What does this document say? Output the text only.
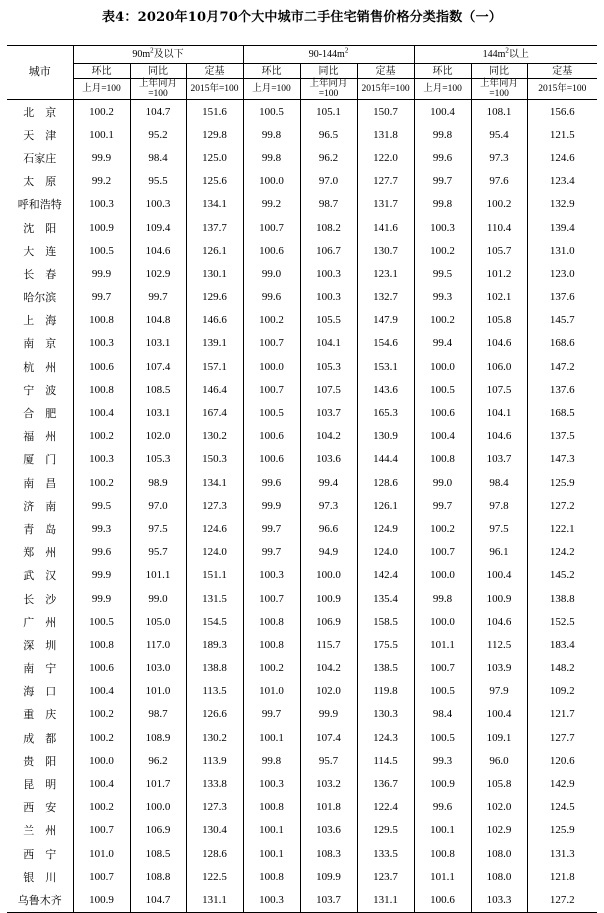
表4：2020年10月70个大中城市二手住宅销售价格分类指数（一）
城市	$90m^2$及以下			$90-144m^2$			$144m^2$以上		
	环比	同比	定基	环比	同比	定基	环比	同比	定基
	上月=100	上年同月=100	2015年=100	上月=100	上年同月=100	2015年=100	上月=100	上年同月=100	2015年=100
北　京	100.2	104.7	151.6	100.5	105.1	150.7	100.4	108.1	156.6
天　津	100.1	95.2	129.8	99.8	96.5	131.8	99.8	95.4	121.5
石家庄	99.9	98.4	125.0	99.8	96.2	122.0	99.6	97.3	124.6
太　原	99.2	95.5	125.6	100.0	97.0	127.7	99.7	97.6	123.4
呼和浩特	100.3	100.3	134.1	99.2	98.7	131.7	99.8	100.2	132.9
沈　阳	100.9	109.4	137.7	100.7	108.2	141.6	100.3	110.4	139.4
大　连	100.5	104.6	126.1	100.6	106.7	130.7	100.2	105.7	131.0
长　春	99.9	102.9	130.1	99.0	100.3	123.1	99.5	101.2	123.0
哈尔滨	99.7	99.7	129.6	99.6	100.3	132.7	99.3	102.1	137.6
上　海	100.8	104.8	146.6	100.2	105.5	147.9	100.2	105.8	145.7
南　京	100.3	103.1	139.1	100.7	104.1	154.6	99.4	104.6	168.6
杭　州	100.6	107.4	157.1	100.0	105.3	153.1	100.0	106.0	147.2
宁　波	100.8	108.5	146.4	100.7	107.5	143.6	100.5	107.5	137.6
合　肥	100.4	103.1	167.4	100.5	103.7	165.3	100.6	104.1	168.5
福　州	100.2	102.0	130.2	100.6	104.2	130.9	100.4	104.6	137.5
厦　门	100.3	105.3	150.3	100.6	103.6	144.4	100.8	103.7	147.3
南　昌	100.2	98.9	134.1	99.6	99.4	128.6	99.0	98.4	125.9
济　南	99.5	97.0	127.3	99.9	97.3	126.1	99.7	97.8	127.2
青　岛	99.3	97.5	124.6	99.7	96.6	124.9	100.2	97.5	122.1
郑　州	99.6	95.7	124.0	99.7	94.9	124.0	100.7	96.1	124.2
武　汉	99.9	101.1	151.1	100.3	100.0	142.4	100.0	100.4	145.2
长　沙	99.9	99.0	131.5	100.7	100.9	135.4	99.8	100.9	138.8
广　州	100.5	105.0	154.5	100.8	106.9	158.5	100.0	104.6	152.5
深　圳	100.8	117.0	189.3	100.8	115.7	175.5	101.1	112.5	183.4
南　宁	100.6	103.0	138.8	100.2	104.2	138.5	100.7	103.9	148.2
海　口	100.4	101.0	113.5	101.0	102.0	119.8	100.5	97.9	109.2
重　庆	100.2	98.7	126.6	99.7	99.9	130.3	98.4	100.4	121.7
成　都	100.2	108.9	130.2	100.1	107.4	124.3	100.5	109.1	127.7
贵　阳	100.0	96.2	113.9	99.8	95.7	114.5	99.3	96.0	120.6
昆　明	100.4	101.7	133.8	100.3	103.2	136.7	100.9	105.8	142.9
西　安	100.2	100.0	127.3	100.8	101.8	122.4	99.6	102.0	124.5
兰　州	100.7	106.9	130.4	100.1	103.6	129.5	100.1	102.9	125.9
西　宁	101.0	108.5	128.6	100.1	108.3	133.5	100.8	108.0	131.3
银　川	100.7	108.8	122.5	100.8	109.9	123.7	101.1	108.0	121.8
乌鲁木齐	100.9	104.7	131.1	100.3	103.7	131.1	100.6	103.3	127.2
